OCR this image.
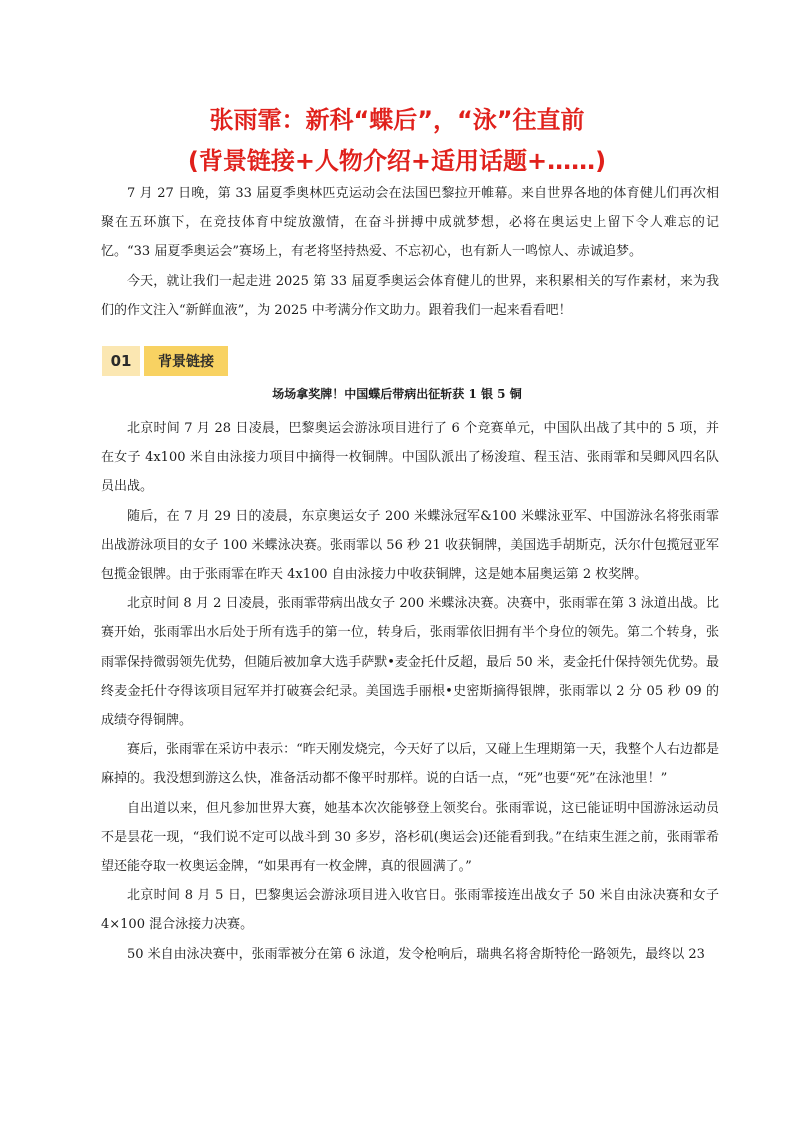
张雨霏：新科“蝶后”，“泳”往直前
(背景链接+人物介绍+适用话题+……)

7 月 27 日晚，第 33 届夏季奥林匹克运动会在法国巴黎拉开帷幕。来自世界各地的体育健儿们再次相聚在五环旗下，在竞技体育中绽放激情，在奋斗拼搏中成就梦想，必将在奥运史上留下令人难忘的记忆。“33 届夏季奥运会”赛场上，有老将坚持热爱、不忘初心，也有新人一鸣惊人、赤诚追梦。

今天，就让我们一起走进 2025 第 33 届夏季奥运会体育健儿的世界，来积累相关的写作素材，来为我们的作文注入“新鲜血液”，为 2025 中考满分作文助力。跟着我们一起来看看吧！

01	背景链接
场场拿奖牌！中国蝶后带病出征斩获 1 银 5 铜

北京时间 7 月 28 日凌晨，巴黎奥运会游泳项目进行了 6 个竞赛单元，中国队出战了其中的 5 项，并在女子 4x100 米自由泳接力项目中摘得一枚铜牌。中国队派出了杨浚瑄、程玉洁、张雨霏和吴卿风四名队员出战。

随后，在 7 月 29 日的凌晨，东京奥运女子 200 米蝶泳冠军&100 米蝶泳亚军、中国游泳名将张雨霏出战游泳项目的女子 100 米蝶泳决赛。张雨霏以 56 秒 21 收获铜牌，美国选手胡斯克，沃尔什包揽冠亚军包揽金银牌。由于张雨霏在昨天 4x100 自由泳接力中收获铜牌，这是她本届奥运第 2 枚奖牌。

北京时间 8 月 2 日凌晨，张雨霏带病出战女子 200 米蝶泳决赛。决赛中，张雨霏在第 3 泳道出战。比赛开始，张雨霏出水后处于所有选手的第一位，转身后，张雨霏依旧拥有半个身位的领先。第二个转身，张雨霏保持微弱领先优势，但随后被加拿大选手萨默•麦金托什反超，最后 50 米，麦金托什保持领先优势。最终麦金托什夺得该项目冠军并打破赛会纪录。美国选手丽根•史密斯摘得银牌，张雨霏以 2 分 05 秒 09 的成绩夺得铜牌。

赛后，张雨霏在采访中表示：“昨天刚发烧完，今天好了以后，又碰上生理期第一天，我整个人右边都是麻掉的。我没想到游这么快，准备活动都不像平时那样。说的白话一点，“死”也要“死”在泳池里！”

自出道以来，但凡参加世界大赛，她基本次次能够登上领奖台。张雨霏说，这已能证明中国游泳运动员不是昙花一现，“我们说不定可以战斗到 30 多岁，洛杉矶(奥运会)还能看到我。”在结束生涯之前，张雨霏希望还能夺取一枚奥运金牌，“如果再有一枚金牌，真的很圆满了。”

北京时间 8 月 5 日，巴黎奥运会游泳项目进入收官日。张雨霏接连出战女子 50 米自由泳决赛和女子 4×100 混合泳接力决赛。

50 米自由泳决赛中，张雨霏被分在第 6 泳道，发令枪响后，瑞典名将舍斯特伦一路领先，最终以 23
